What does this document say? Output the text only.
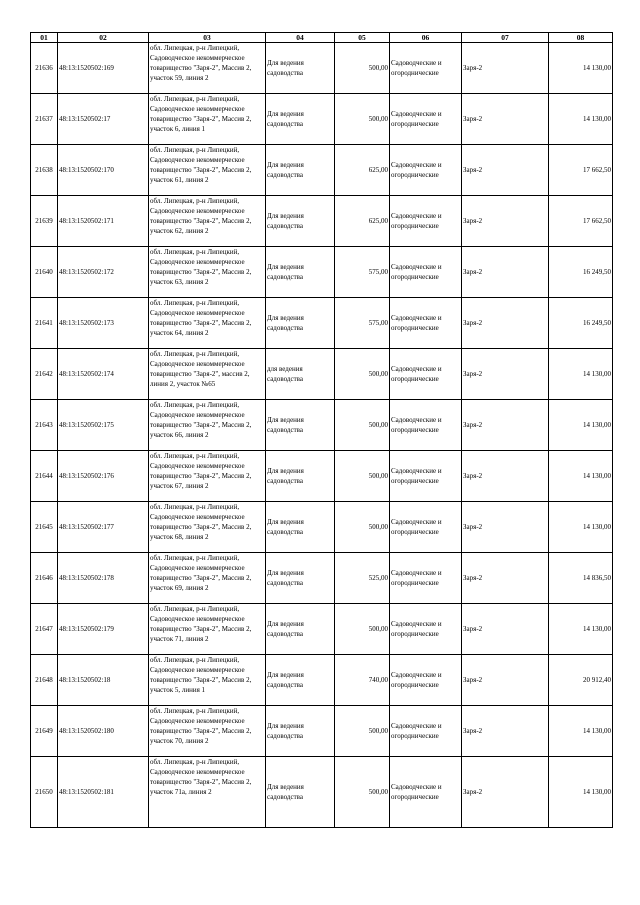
01	02	03	04	05	06	07	08
21636	48:13:1520502:169	обл. Липецкая, р-н Липецкий, Садоводческое некоммерческое товарищество "Заря-2", Массив 2, участок 59, линия 2	Для ведения садоводства	500,00	Садоводческие и огороднические	Заря-2	14 130,00
21637	48:13:1520502:17	обл. Липецкая, р-н Липецкий, Садоводческое некоммерческое товарищество "Заря-2", Массив 2, участок 6, линия 1	Для ведения садоводства	500,00	Садоводческие и огороднические	Заря-2	14 130,00
21638	48:13:1520502:170	обл. Липецкая, р-н Липецкий, Садоводческое некоммерческое товарищество "Заря-2", Массив 2, участок 61, линия 2	Для ведения садоводства	625,00	Садоводческие и огороднические	Заря-2	17 662,50
21639	48:13:1520502:171	обл. Липецкая, р-н Липецкий, Садоводческое некоммерческое товарищество "Заря-2", Массив 2, участок 62, линия 2	Для ведения садоводства	625,00	Садоводческие и огороднические	Заря-2	17 662,50
21640	48:13:1520502:172	обл. Липецкая, р-н Липецкий, Садоводческое некоммерческое товарищество "Заря-2", Массив 2, участок 63, линия 2	Для ведения садоводства	575,00	Садоводческие и огороднические	Заря-2	16 249,50
21641	48:13:1520502:173	обл. Липецкая, р-н Липецкий, Садоводческое некоммерческое товарищество "Заря-2", Массив 2, участок 64, линия 2	Для ведения садоводства	575,00	Садоводческие и огороднические	Заря-2	16 249,50
21642	48:13:1520502:174	обл. Липецкая, р-н Липецкий, Садоводческое некоммерческое товарищество "Заря-2", массив 2, линия 2, участок №65	для ведения садоводства	500,00	Садоводческие и огороднические	Заря-2	14 130,00
21643	48:13:1520502:175	обл. Липецкая, р-н Липецкий, Садоводческое некоммерческое товарищество "Заря-2", Массив 2, участок 66, линия 2	Для ведения садоводства	500,00	Садоводческие и огороднические	Заря-2	14 130,00
21644	48:13:1520502:176	обл. Липецкая, р-н Липецкий, Садоводческое некоммерческое товарищество "Заря-2", Массив 2, участок 67, линия 2	Для ведения садоводства	500,00	Садоводческие и огороднические	Заря-2	14 130,00
21645	48:13:1520502:177	обл. Липецкая, р-н Липецкий, Садоводческое некоммерческое товарищество "Заря-2", Массив 2, участок 68, линия 2	Для ведения садоводства	500,00	Садоводческие и огороднические	Заря-2	14 130,00
21646	48:13:1520502:178	обл. Липецкая, р-н Липецкий, Садоводческое некоммерческое товарищество "Заря-2", Массив 2, участок 69, линия 2	Для ведения садоводства	525,00	Садоводческие и огороднические	Заря-2	14 836,50
21647	48:13:1520502:179	обл. Липецкая, р-н Липецкий, Садоводческое некоммерческое товарищество "Заря-2", Массив 2, участок 71, линия 2	Для ведения садоводства	500,00	Садоводческие и огороднические	Заря-2	14 130,00
21648	48:13:1520502:18	обл. Липецкая, р-н Липецкий, Садоводческое некоммерческое товарищество "Заря-2", Массив 2, участок 5, линия 1	Для ведения садоводства	740,00	Садоводческие и огороднические	Заря-2	20 912,40
21649	48:13:1520502:180	обл. Липецкая, р-н Липецкий, Садоводческое некоммерческое товарищество "Заря-2", Массив 2, участок 70, линия 2	Для ведения садоводства	500,00	Садоводческие и огороднические	Заря-2	14 130,00
21650	48:13:1520502:181	обл. Липецкая, р-н Липецкий, Садоводческое некоммерческое товарищество "Заря-2", Массив 2, участок 71а, линия 2	Для ведения садоводства	500,00	Садоводческие и огороднические	Заря-2	14 130,00
